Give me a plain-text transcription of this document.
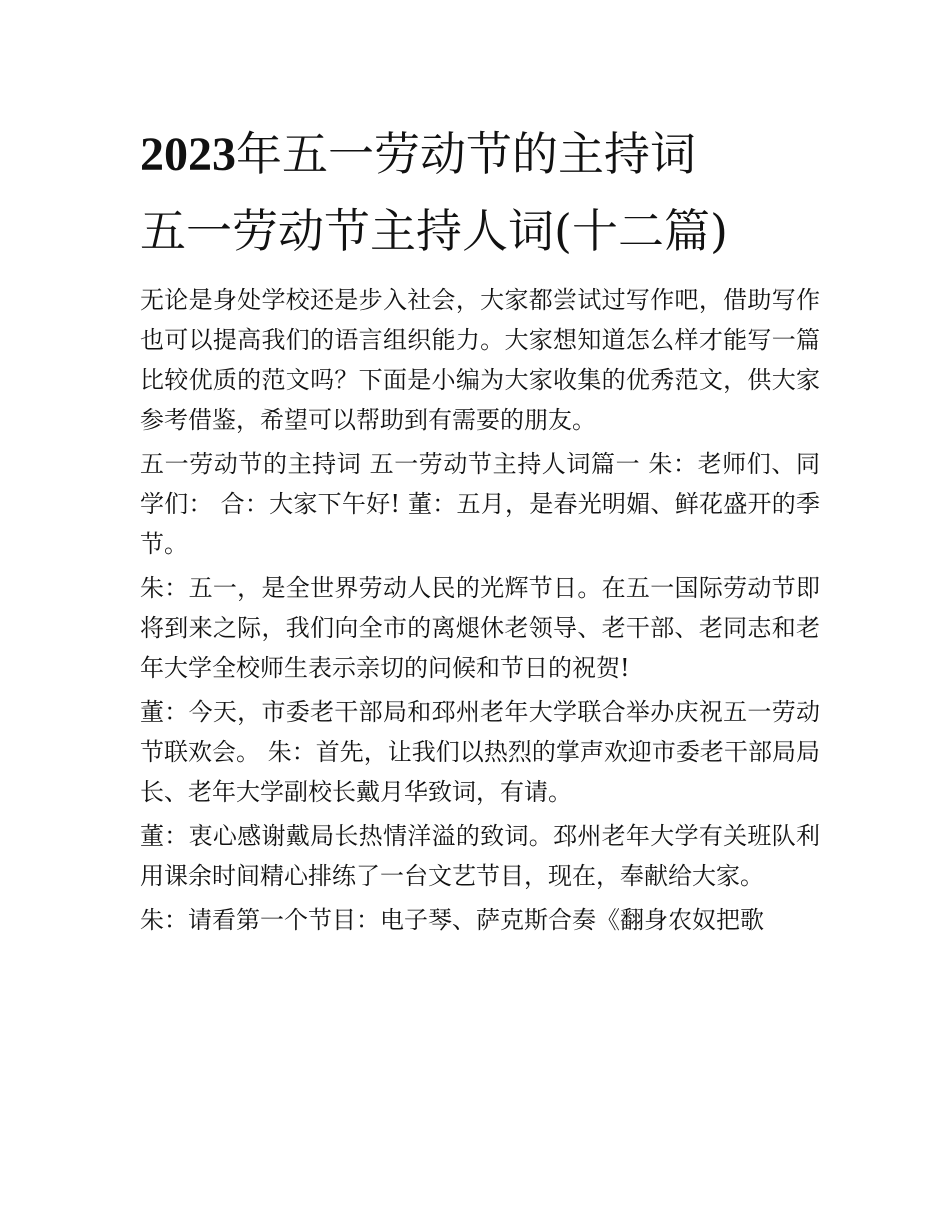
2023年五一劳动节的主持词
五一劳动节主持人词(十二篇)

无论是身处学校还是步入社会，大家都尝试过写作吧，借助写作也可以提高我们的语言组织能力。大家想知道怎么样才能写一篇比较优质的范文吗？下面是小编为大家收集的优秀范文，供大家参考借鉴，希望可以帮助到有需要的朋友。

五一劳动节的主持词 五一劳动节主持人词篇一 朱：老师们、同学们： 合：大家下午好! 董：五月，是春光明媚、鲜花盛开的季节。

朱：五一，是全世界劳动人民的光辉节日。在五一国际劳动节即将到来之际，我们向全市的离煺休老领导、老干部、老同志和老年大学全校师生表示亲切的问候和节日的祝贺!

董：今天，市委老干部局和邳州老年大学联合举办庆祝五一劳动节联欢会。 朱：首先，让我们以热烈的掌声欢迎市委老干部局局长、老年大学副校长戴月华致词，有请。

董：衷心感谢戴局长热情洋溢的致词。邳州老年大学有关班队利用课余时间精心排练了一台文艺节目，现在，奉献给大家。

朱：请看第一个节目：电子琴、萨克斯合奏《翻身农奴把歌
